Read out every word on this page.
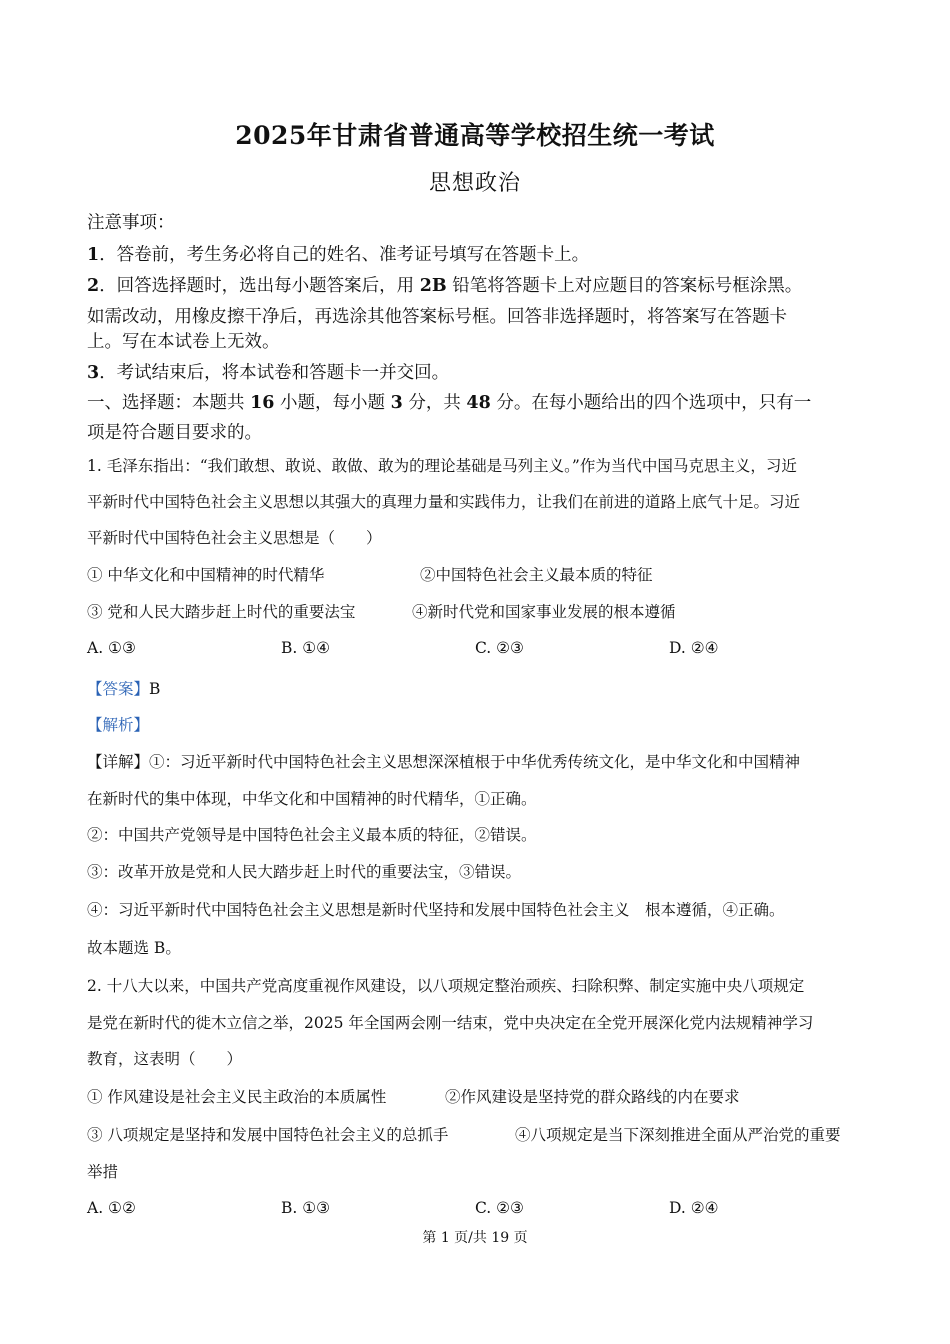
2025年甘肃省普通高等学校招生统一考试
思想政治
注意事项：
1．答卷前，考生务必将自己的姓名、准考证号填写在答题卡上。
2．回答选择题时，选出每小题答案后，用 2B 铅笔将答题卡上对应题目的答案标号框涂黑。
如需改动，用橡皮擦干净后，再选涂其他答案标号框。回答非选择题时，将答案写在答题卡
上。写在本试卷上无效。
3．考试结束后，将本试卷和答题卡一并交回。
一、选择题：本题共 16 小题，每小题 3 分，共 48 分。在每小题给出的四个选项中，只有一
项是符合题目要求的。
1. 毛泽东指出：“我们敢想、敢说、敢做、敢为的理论基础是马列主义。”作为当代中国马克思主义，习近
平新时代中国特色社会主义思想以其强大的真理力量和实践伟力，让我们在前进的道路上底气十足。习近
平新时代中国特色社会主义思想是（　　）
① 中华文化和中国精神的时代精华	②中国特色社会主义最本质的特征
③ 党和人民大踏步赶上时代的重要法宝	④新时代党和国家事业发展的根本遵循
A. ①③	B. ①④	C. ②③	D. ②④
【答案】B
【解析】
【详解】①：习近平新时代中国特色社会主义思想深深植根于中华优秀传统文化，是中华文化和中国精神
在新时代的集中体现，中华文化和中国精神的时代精华，①正确。
②：中国共产党领导是中国特色社会主义最本质的特征，②错误。
③：改革开放是党和人民大踏步赶上时代的重要法宝，③错误。
④：习近平新时代中国特色社会主义思想是新时代坚持和发展中国特色社会主义　根本遵循，④正确。
故本题选 B。
2. 十八大以来，中国共产党高度重视作风建设，以八项规定整治顽疾、扫除积弊、制定实施中央八项规定
是党在新时代的徙木立信之举，2025 年全国两会刚一结束，党中央决定在全党开展深化党内法规精神学习
教育，这表明（　　）
① 作风建设是社会主义民主政治的本质属性	②作风建设是坚持党的群众路线的内在要求
③ 八项规定是坚持和发展中国特色社会主义的总抓手	④八项规定是当下深刻推进全面从严治党的重要
举措
A. ①②	B. ①③	C. ②③	D. ②④
第 1 页/共 19 页
